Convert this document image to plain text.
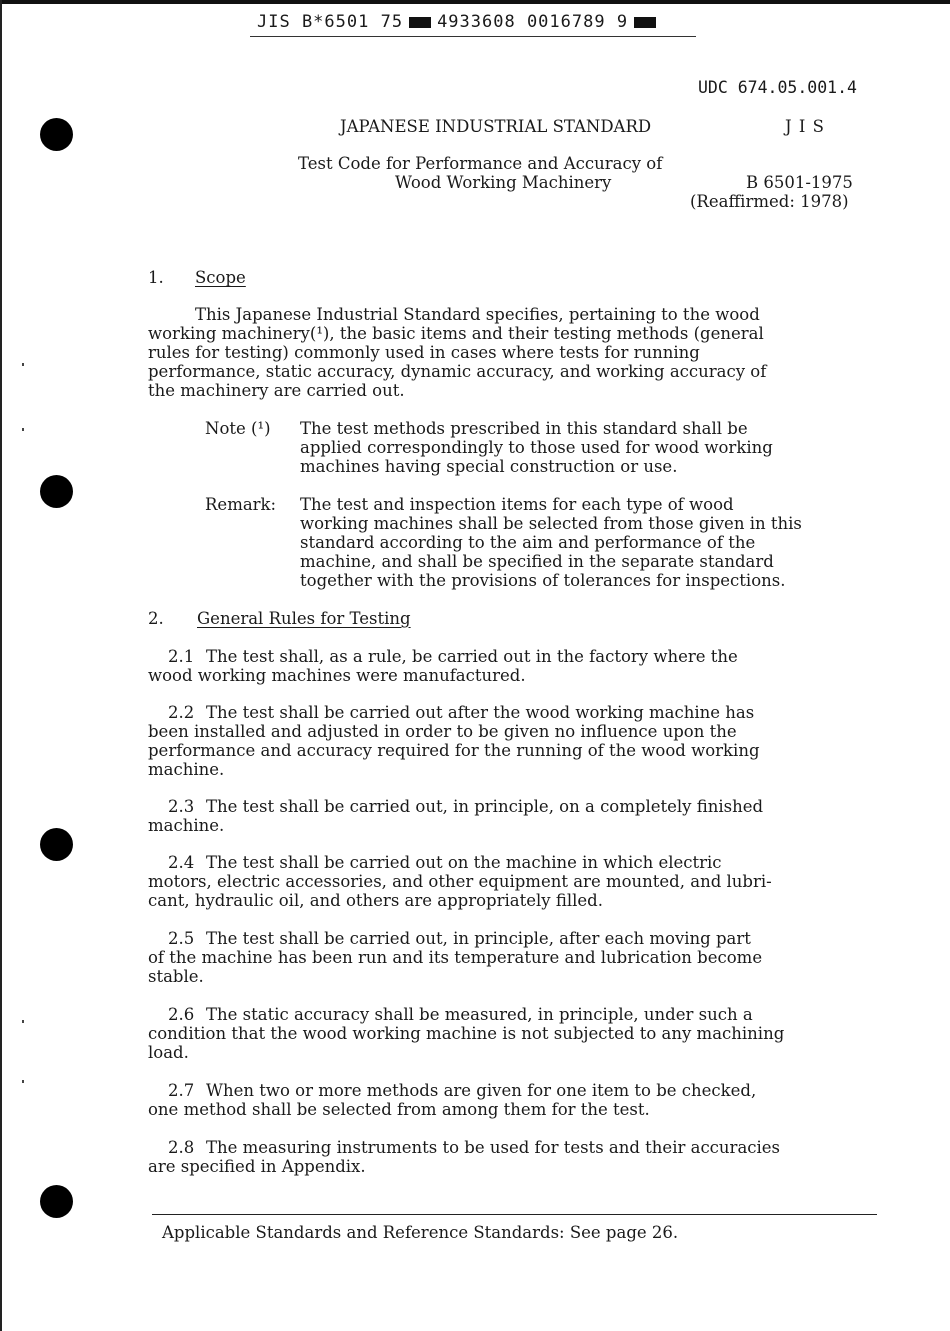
JIS B*6501 75 4933608 0016789 9
UDC 674.05.001.4
JAPANESE INDUSTRIAL STANDARD	J I S
Test Code for Performance and Accuracy of
Wood Working Machinery	B 6501-1975
(Reaffirmed: 1978)
1. Scope
This Japanese Industrial Standard specifies, pertaining to the wood
working machinery(¹), the basic items and their testing methods (general
rules for testing) commonly used in cases where tests for running
performance, static accuracy, dynamic accuracy, and working accuracy of
the machinery are carried out.
Note (¹) The test methods prescribed in this standard shall be
applied correspondingly to those used for wood working
machines having special construction or use.
Remark: The test and inspection items for each type of wood
working machines shall be selected from those given in this
standard according to the aim and performance of the
machine, and shall be specified in the separate standard
together with the provisions of tolerances for inspections.
2. General Rules for Testing
2.1 The test shall, as a rule, be carried out in the factory where the
wood working machines were manufactured.
2.2 The test shall be carried out after the wood working machine has
been installed and adjusted in order to be given no influence upon the
performance and accuracy required for the running of the wood working
machine.
2.3 The test shall be carried out, in principle, on a completely finished
machine.
2.4 The test shall be carried out on the machine in which electric
motors, electric accessories, and other equipment are mounted, and lubri-
cant, hydraulic oil, and others are appropriately filled.
2.5 The test shall be carried out, in principle, after each moving part
of the machine has been run and its temperature and lubrication become
stable.
2.6 The static accuracy shall be measured, in principle, under such a
condition that the wood working machine is not subjected to any machining
load.
2.7 When two or more methods are given for one item to be checked,
one method shall be selected from among them for the test.
2.8 The measuring instruments to be used for tests and their accuracies
are specified in Appendix.
Applicable Standards and Reference Standards: See page 26.
